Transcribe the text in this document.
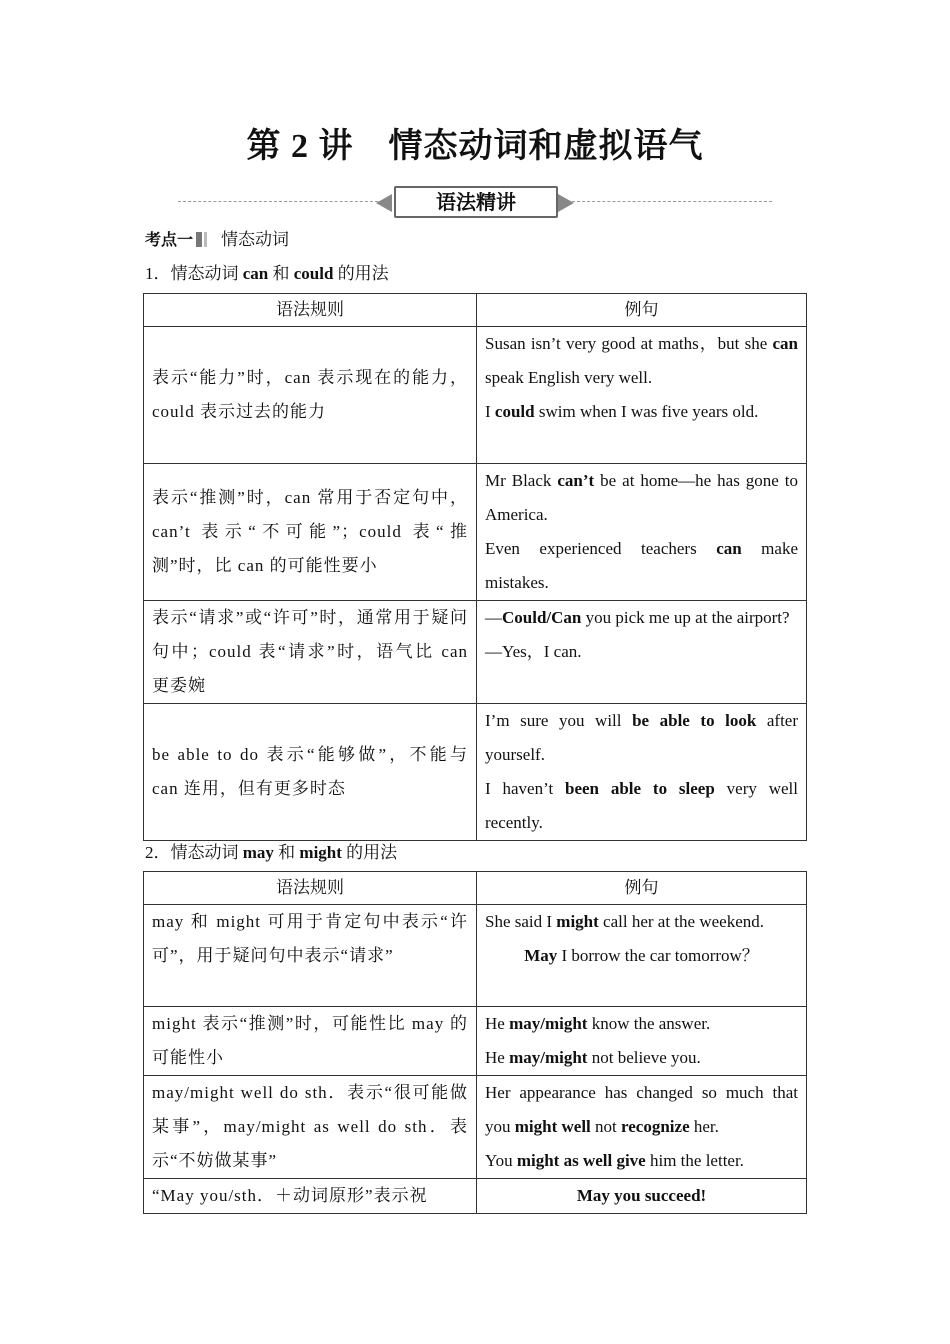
第 2 讲　情态动词和虚拟语气
语法精讲
考点一 情态动词
1．情态动词 can 和 could 的用法
语法规则	例句
表示“能力”时，can 表示现在的能力，could 表示过去的能力	Susan isn’t very good at maths，but she can speak English very well.

I could swim when I was five years old.

表示“推测”时，can 常用于否定句中，can’t 表示“不可能”；could 表“推测”时，比 can 的可能性要小	Mr Black can’t be at home—he has gone to America.

Even experienced teachers can make mistakes.

表示“请求”或“许可”时，通常用于疑问句中；could 表“请求”时，语气比 can 更委婉	—Could/Can you pick me up at the airport?

—Yes，I can.

be able to do 表示“能够做”，不能与 can 连用，但有更多时态	I’m sure you will be able to look after yourself.

I haven’t been able to sleep very well recently.

2．情态动词 may 和 might 的用法
语法规则	例句
may 和 might 可用于肯定句中表示“许可”，用于疑问句中表示“请求”	She said I might call her at the weekend.

May I borrow the car tomorrow？

might 表示“推测”时，可能性比 may 的可能性小	He may/might know the answer.

He may/might not believe you.

may/might well do sth．表示“很可能做某事”，may/might as well do sth．表示“不妨做某事”	Her appearance has changed so much that you might well not recognize her.

You might as well give him the letter.

“May you/sth．＋动词原形”表示祝	May you succeed!
